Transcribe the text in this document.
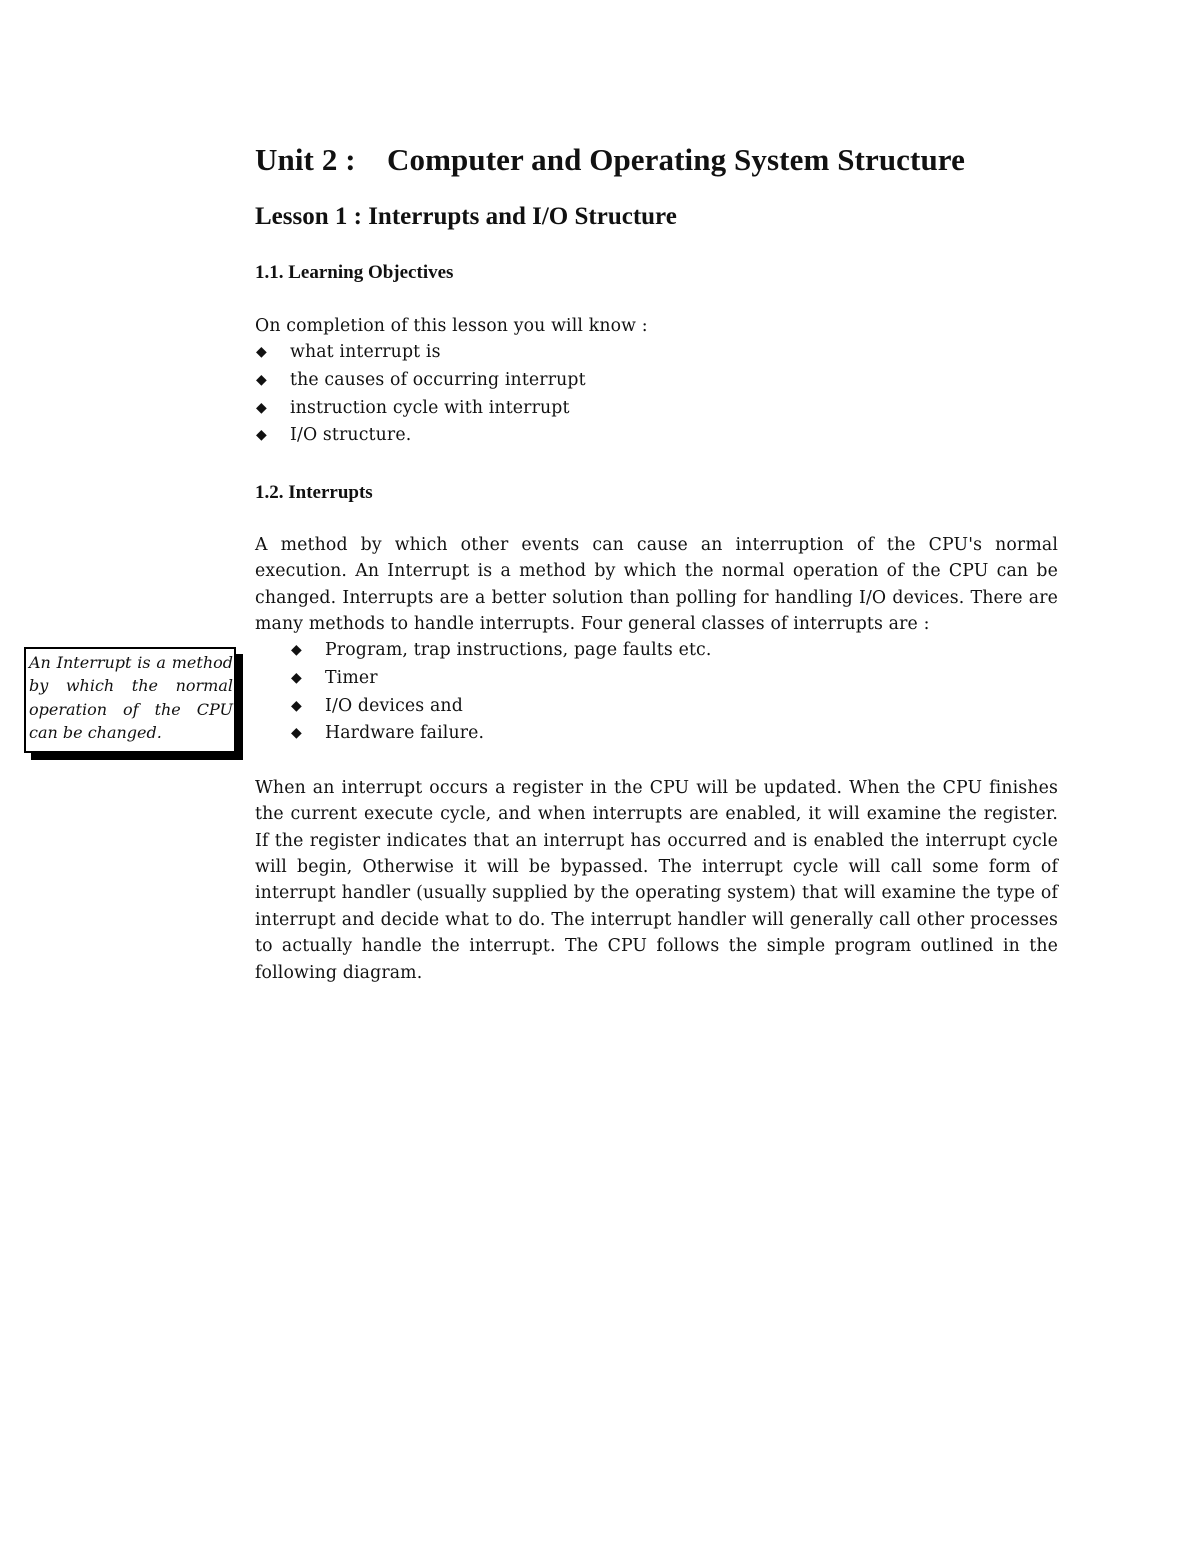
Unit 2 : Computer and Operating System Structure
Lesson 1 : Interrupts and I/O Structure
1.1. Learning Objectives

On completion of this lesson you will know :

◆ what interrupt is
◆ the causes of occurring interrupt
◆ instruction cycle with interrupt
◆ I/O structure.
1.2. Interrupts

A method by which other events can cause an interruption of the CPU's normal execution. An Interrupt is a method by which the normal operation of the CPU can be changed. Interrupts are a better solution than polling for handling I/O devices. There are many methods to handle interrupts. Four general classes of interrupts are :

◆ Program, trap instructions, page faults etc.
◆ Timer
◆ I/O devices and
◆ Hardware failure.

When an interrupt occurs a register in the CPU will be updated. When the CPU finishes the current execute cycle, and when interrupts are enabled, it will examine the register. If the register indicates that an interrupt has occurred and is enabled the interrupt cycle will begin, Otherwise it will be bypassed. The interrupt cycle will call some form of interrupt handler (usually supplied by the operating system) that will examine the type of interrupt and decide what to do. The interrupt handler will generally call other processes to actually handle the interrupt. The CPU follows the simple program outlined in the following diagram.

An Interrupt is a method by which the normal operation of the CPU can be changed.
